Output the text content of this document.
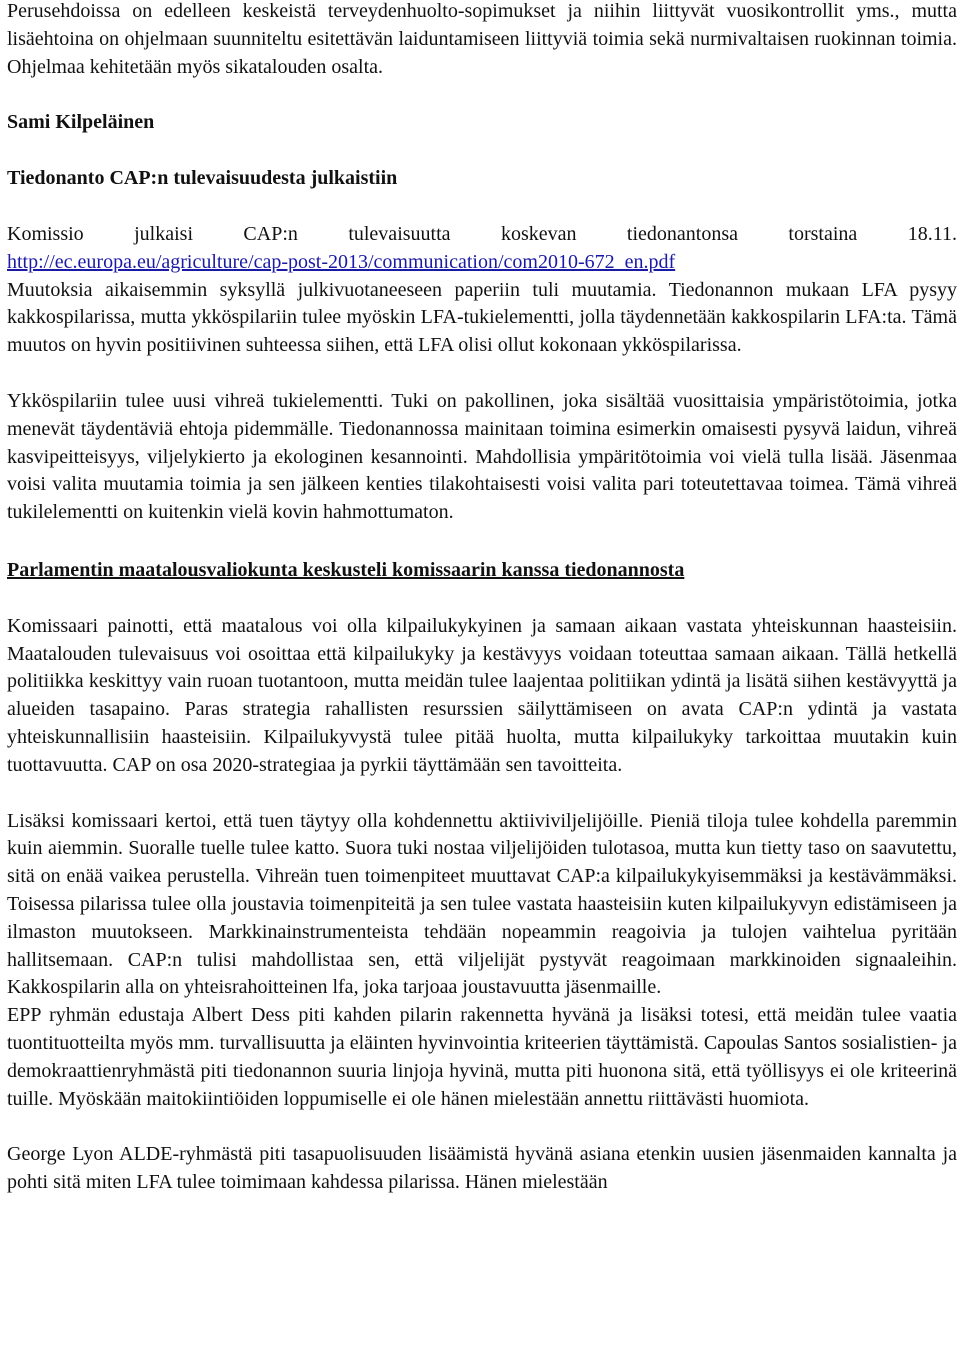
Perusehdoissa on edelleen keskeistä terveydenhuolto-sopimukset ja niihin liittyvät vuosikontrollit yms., mutta lisäehtoina on ohjelmaan suunniteltu esitettävän laiduntamiseen liittyviä toimia sekä nurmivaltaisen ruokinnan toimia. Ohjelmaa kehitetään myös sikatalouden osalta.

Sami Kilpeläinen

Tiedonanto CAP:n tulevaisuudesta julkaistiin

Komissio julkaisi CAP:n tulevaisuutta koskevan tiedonantonsa torstaina 18.11.

http://ec.europa.eu/agriculture/cap-post-2013/communication/com2010-672_en.pdf

Muutoksia aikaisemmin syksyllä julkivuotaneeseen paperiin tuli muutamia. Tiedonannon mukaan LFA pysyy kakkospilarissa, mutta ykköspilariin tulee myöskin LFA-tukielementti, jolla täydennetään kakkospilarin LFA:ta. Tämä muutos on hyvin positiivinen suhteessa siihen, että LFA olisi ollut kokonaan ykköspilarissa.

Ykköspilariin tulee uusi vihreä tukielementti. Tuki on pakollinen, joka sisältää vuosittaisia ympäristötoimia, jotka menevät täydentäviä ehtoja pidemmälle. Tiedonannossa mainitaan toimina esimerkin omaisesti pysyvä laidun, vihreä kasvipeitteisyys, viljelykierto ja ekologinen kesannointi. Mahdollisia ympäritötoimia voi vielä tulla lisää. Jäsenmaa voisi valita muutamia toimia ja sen jälkeen kenties tilakohtaisesti voisi valita pari toteutettavaa toimea. Tämä vihreä tukilelementti on kuitenkin vielä kovin hahmottumaton.

Parlamentin maatalousvaliokunta keskusteli komissaarin kanssa tiedonannosta

Komissaari painotti, että maatalous voi olla kilpailukykyinen ja samaan aikaan vastata yhteiskunnan haasteisiin. Maatalouden tulevaisuus voi osoittaa että kilpailukyky ja kestävyys voidaan toteuttaa samaan aikaan. Tällä hetkellä politiikka keskittyy vain ruoan tuotantoon, mutta meidän tulee laajentaa politiikan ydintä ja lisätä siihen kestävyyttä ja alueiden tasapaino. Paras strategia rahallisten resurssien säilyttämiseen on avata CAP:n ydintä ja vastata yhteiskunnallisiin haasteisiin. Kilpailukyvystä tulee pitää huolta, mutta kilpailukyky tarkoittaa muutakin kuin tuottavuutta. CAP on osa 2020-strategiaa ja pyrkii täyttämään sen tavoitteita.

Lisäksi komissaari kertoi, että tuen täytyy olla kohdennettu aktiiviviljelijöille. Pieniä tiloja tulee kohdella paremmin kuin aiemmin. Suoralle tuelle tulee katto. Suora tuki nostaa viljelijöiden tulotasoa, mutta kun tietty taso on saavutettu, sitä on enää vaikea perustella. Vihreän tuen toimenpiteet muuttavat CAP:a kilpailukykyisemmäksi ja kestävämmäksi. Toisessa pilarissa tulee olla joustavia toimenpiteitä ja sen tulee vastata haasteisiin kuten kilpailukyvyn edistämiseen ja ilmaston muutokseen. Markkinainstrumenteista tehdään nopeammin reagoivia ja tulojen vaihtelua pyritään hallitsemaan. CAP:n tulisi mahdollistaa sen, että viljelijät pystyvät reagoimaan markkinoiden signaaleihin. Kakkospilarin alla on yhteisrahoitteinen lfa, joka tarjoaa joustavuutta jäsenmaille.

EPP ryhmän edustaja Albert Dess piti kahden pilarin rakennetta hyvänä ja lisäksi totesi, että meidän tulee vaatia tuontituotteilta myös mm. turvallisuutta ja eläinten hyvinvointia kriteerien täyttämistä. Capoulas Santos sosialistien- ja demokraattienryhmästä piti tiedonannon suuria linjoja hyvinä, mutta piti huonona sitä, että työllisyys ei ole kriteerinä tuille. Myöskään maitokiintiöiden loppumiselle ei ole hänen mielestään annettu riittävästi huomiota.

George Lyon ALDE-ryhmästä piti tasapuolisuuden lisäämistä hyvänä asiana etenkin uusien jäsenmaiden kannalta ja pohti sitä miten LFA tulee toimimaan kahdessa pilarissa. Hänen mielestään
